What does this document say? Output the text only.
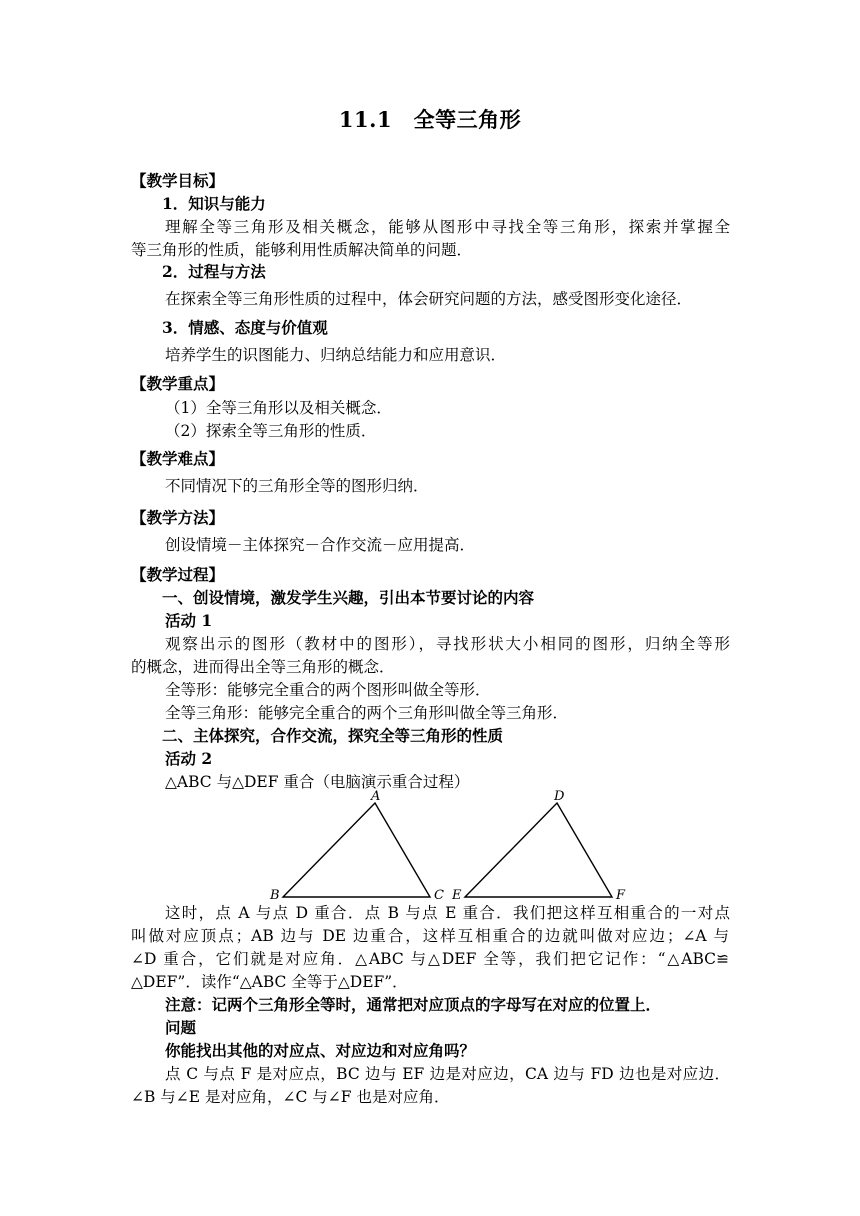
11.1　全等三角形
【教学目标】
1．知识与能力
理解全等三角形及相关概念，能够从图形中寻找全等三角形，探索并掌握全
等三角形的性质，能够利用性质解决简单的问题．
2．过程与方法
在探索全等三角形性质的过程中，体会研究问题的方法，感受图形变化途径．
3．情感、态度与价值观
培养学生的识图能力、归纳总结能力和应用意识．
【教学重点】
（1）全等三角形以及相关概念．
（2）探索全等三角形的性质．
【教学难点】
不同情况下的三角形全等的图形归纳．
【教学方法】
创设情境－主体探究－合作交流－应用提高．
【教学过程】
一、创设情境，激发学生兴趣，引出本节要讨论的内容
活动 1
观察出示的图形（教材中的图形），寻找形状大小相同的图形，归纳全等形
的概念，进而得出全等三角形的概念．
全等形：能够完全重合的两个图形叫做全等形．
全等三角形：能够完全重合的两个三角形叫做全等三角形．
二、主体探究，合作交流，探究全等三角形的性质
活动 2
△ABC 与△DEF 重合（电脑演示重合过程）
A
B	C
D
E	F
这时，点 A 与点 D 重合．点 B 与点 E 重合．我们把这样互相重合的一对点
叫做对应顶点；AB 边与 DE 边重合，这样互相重合的边就叫做对应边；∠A 与
∠D 重合，它们就是对应角．△ABC 与△DEF 全等，我们把它记作：“△ABC≌
△DEF”．读作“△ABC 全等于△DEF”．
注意：记两个三角形全等时，通常把对应顶点的字母写在对应的位置上．
问题
你能找出其他的对应点、对应边和对应角吗？
点 C 与点 F 是对应点，BC 边与 EF 边是对应边，CA 边与 FD 边也是对应边．
∠B 与∠E 是对应角，∠C 与∠F 也是对应角．
